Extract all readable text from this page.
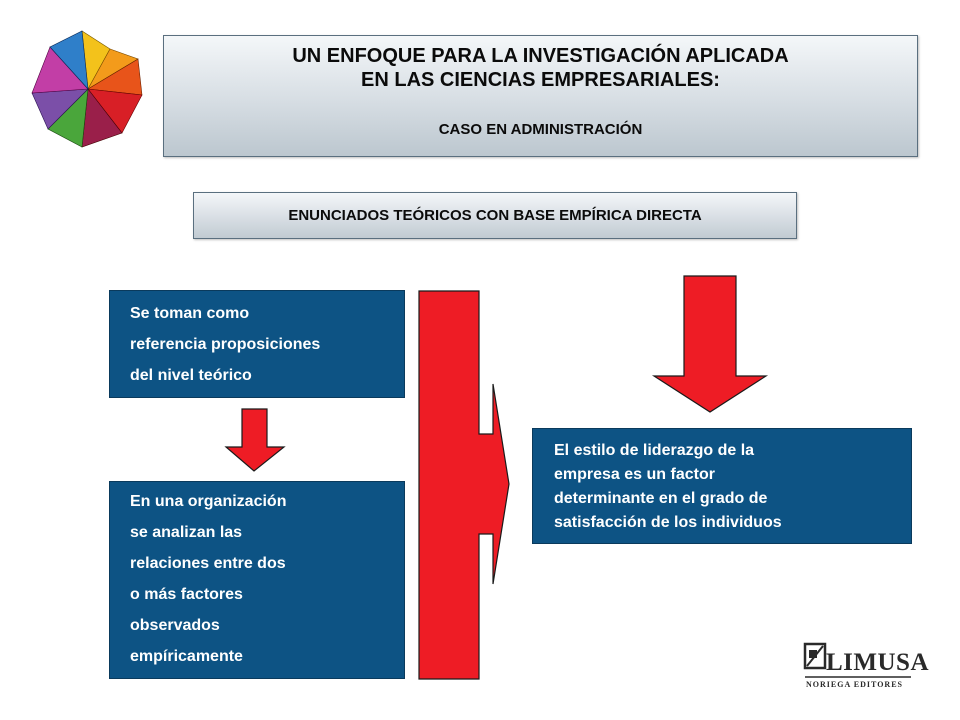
UN ENFOQUE PARA LA INVESTIGACIÓN APLICADA
EN LAS CIENCIAS EMPRESARIALES:
CASO EN ADMINISTRACIÓN
ENUNCIADOS TEÓRICOS CON BASE EMPÍRICA DIRECTA
Se toman como
referencia proposiciones
del nivel teórico
En una organización
se analizan las
relaciones entre dos
o más factores
observados
empíricamente
El estilo de liderazgo de la
empresa es un factor
determinante en el grado de
satisfacción de los individuos
LIMUSA
NORIEGA EDITORES
